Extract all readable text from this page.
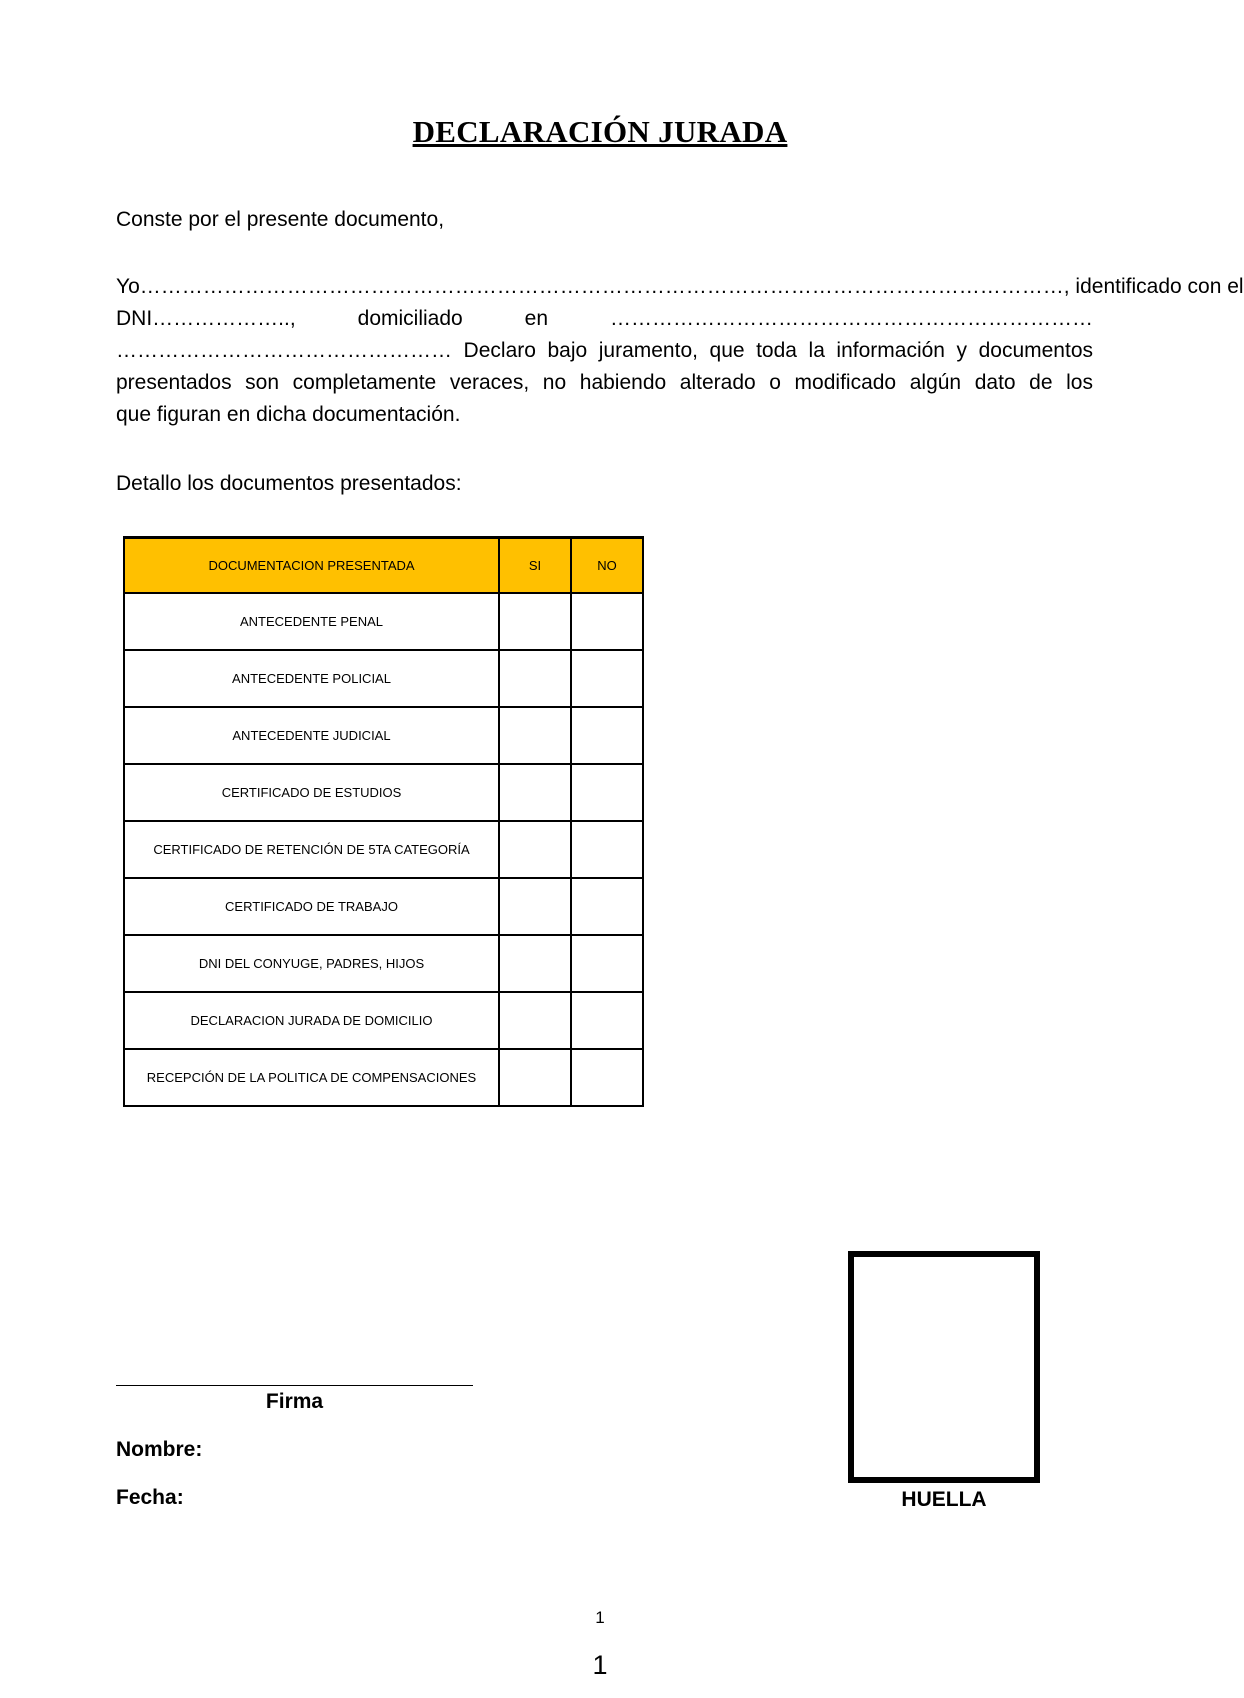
DECLARACIÓN JURADA
Conste por el presente documento,
Yo…………………………………………………………………………………………………………………… , identificado con el
DNI………………..,	domiciliado	en	……………………………………………………………
………………………………………… Declaro bajo juramento, que toda la información y documentos
presentados son completamente veraces, no habiendo alterado o modificado algún dato de los
que figuran en dicha documentación.
Detallo los documentos presentados:
DOCUMENTACION PRESENTADA	SI	NO
ANTECEDENTE PENAL		
ANTECEDENTE POLICIAL		
ANTECEDENTE JUDICIAL		
CERTIFICADO DE ESTUDIOS		
CERTIFICADO DE RETENCIÓN DE 5TA CATEGORÍA		
CERTIFICADO DE TRABAJO		
DNI DEL CONYUGE, PADRES, HIJOS		
DECLARACION JURADA DE DOMICILIO		
RECEPCIÓN DE LA POLITICA DE COMPENSACIONES		
Firma
Nombre:
Fecha:	HUELLA
1
1
